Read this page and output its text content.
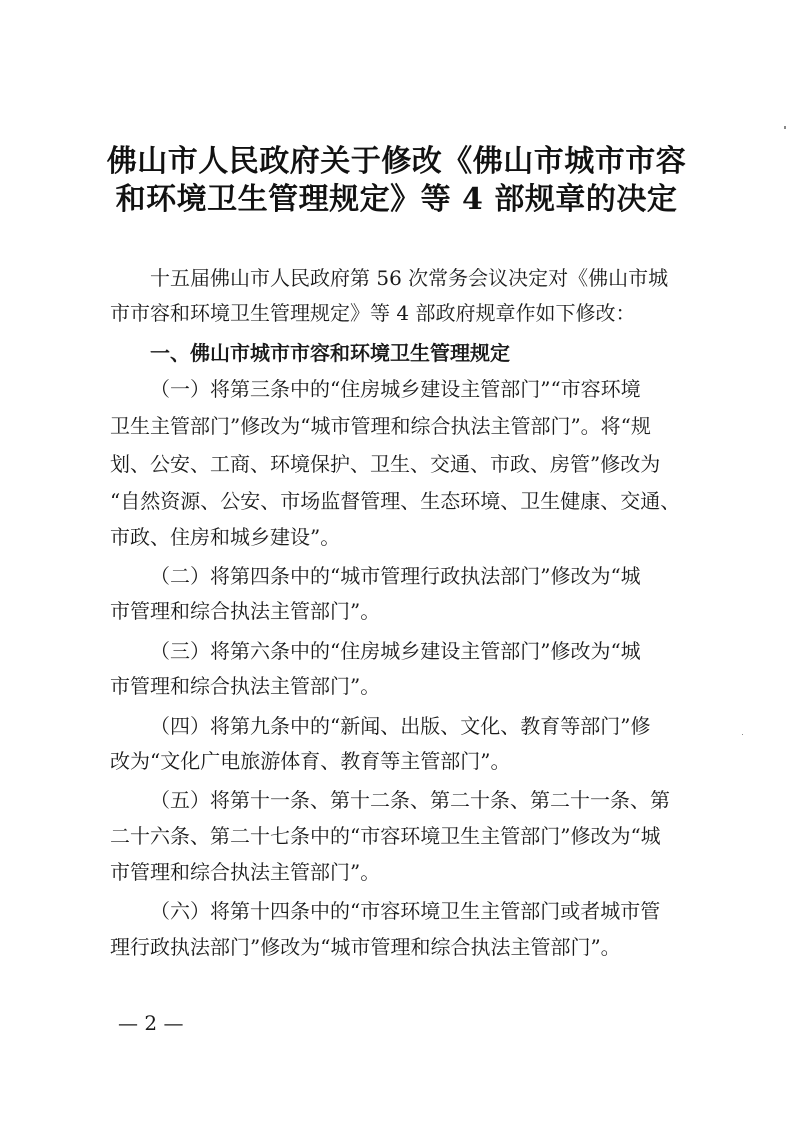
佛山市人民政府关于修改《佛山市城市市容
和环境卫生管理规定》等 4 部规章的决定
十五届佛山市人民政府第 56 次常务会议决定对《佛山市城
市市容和环境卫生管理规定》等 4 部政府规章作如下修改：
一、佛山市城市市容和环境卫生管理规定
（一）将第三条中的“住房城乡建设主管部门”“市容环境
卫生主管部门”修改为“城市管理和综合执法主管部门”。将“规
划、公安、工商、环境保护、卫生、交通、市政、房管”修改为
“自然资源、公安、市场监督管理、生态环境、卫生健康、交通、
市政、住房和城乡建设”。
（二）将第四条中的“城市管理行政执法部门”修改为“城
市管理和综合执法主管部门”。
（三）将第六条中的“住房城乡建设主管部门”修改为“城
市管理和综合执法主管部门”。
（四）将第九条中的“新闻、出版、文化、教育等部门”修
改为“文化广电旅游体育、教育等主管部门”。
（五）将第十一条、第十二条、第二十条、第二十一条、第
二十六条、第二十七条中的“市容环境卫生主管部门”修改为“城
市管理和综合执法主管部门”。
（六）将第十四条中的“市容环境卫生主管部门或者城市管
理行政执法部门”修改为“城市管理和综合执法主管部门”。
— 2 —
